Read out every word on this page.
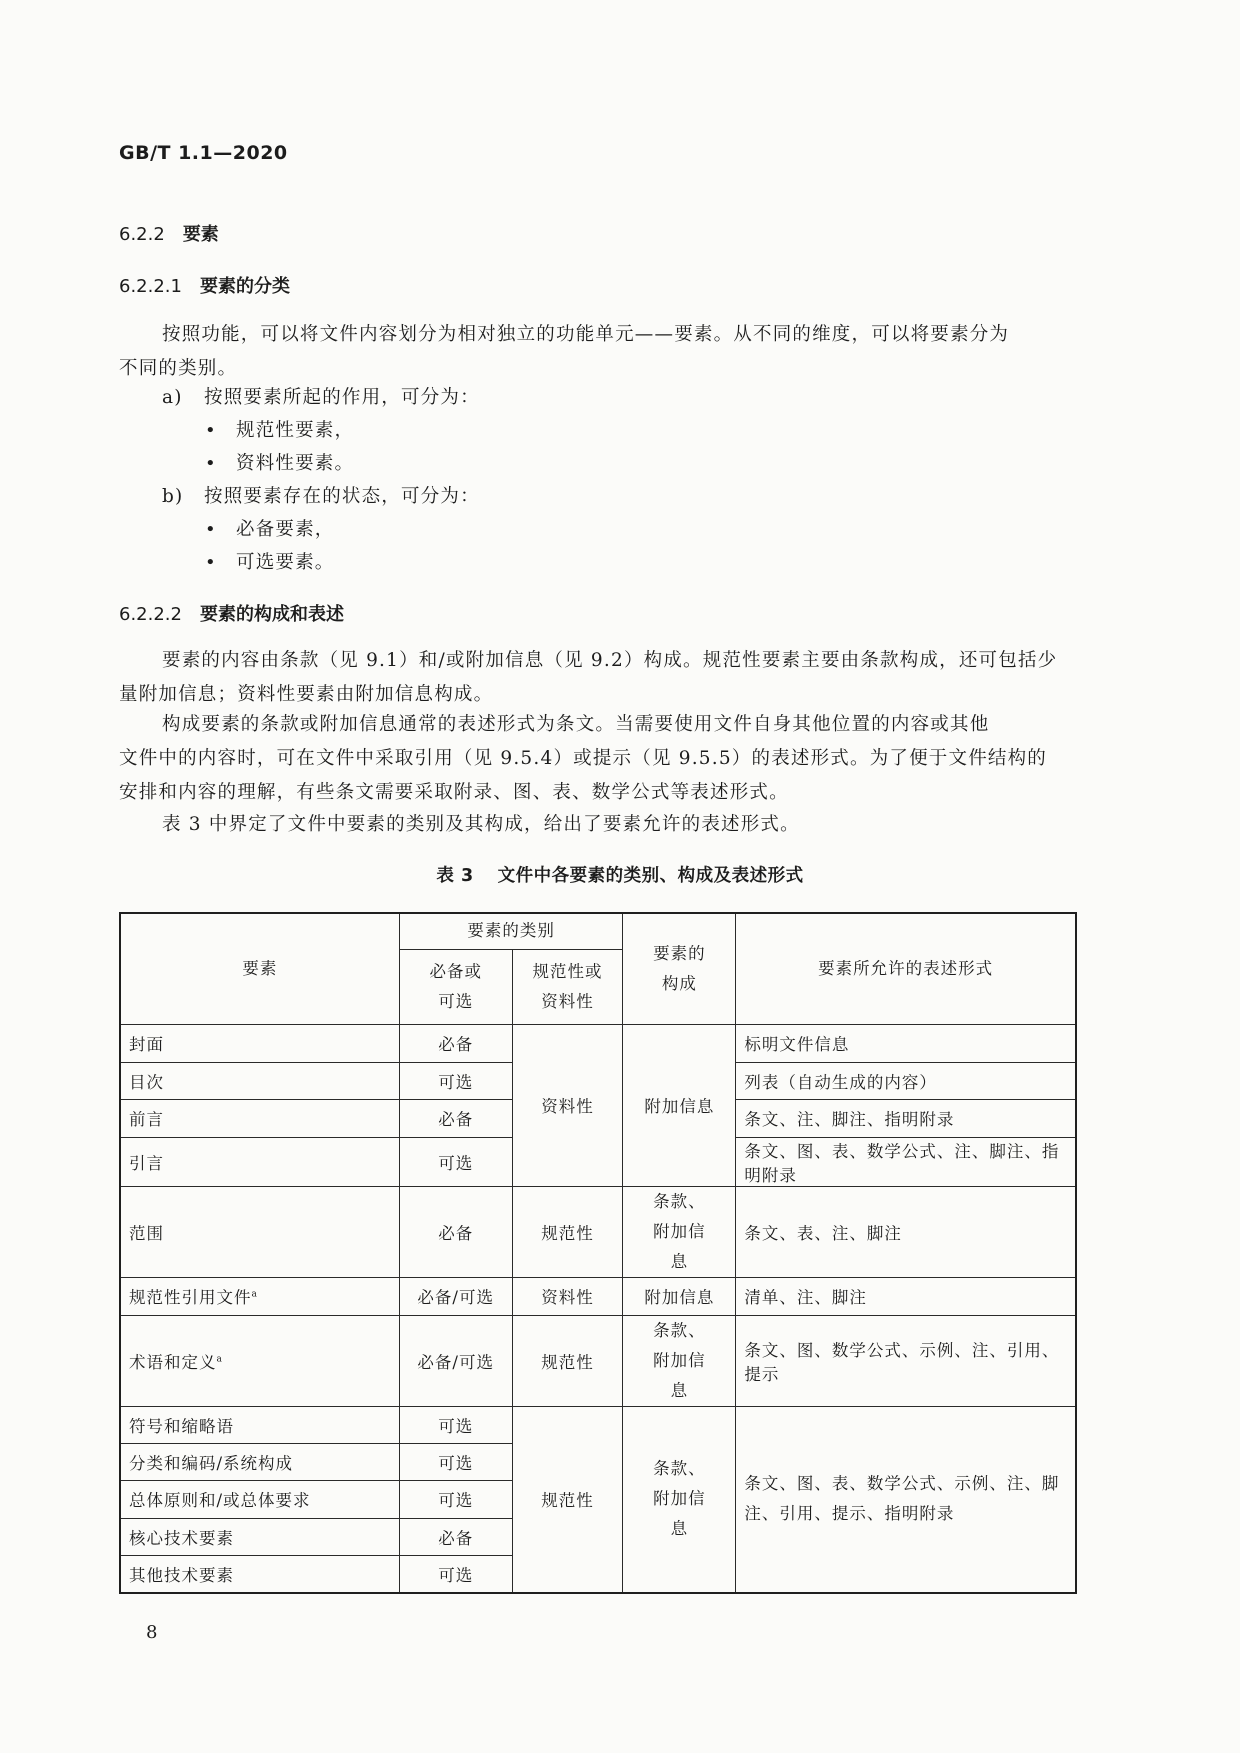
GB/T 1.1—2020
6.2.2 要素
6.2.2.1 要素的分类
按照功能，可以将文件内容划分为相对独立的功能单元——要素。从不同的维度，可以将要素分为
不同的类别。
a) 按照要素所起的作用，可分为：
• 规范性要素，
• 资料性要素。
b) 按照要素存在的状态，可分为：
• 必备要素，
• 可选要素。
6.2.2.2 要素的构成和表述
要素的内容由条款（见 9.1）和/或附加信息（见 9.2）构成。规范性要素主要由条款构成，还可包括少
量附加信息；资料性要素由附加信息构成。
构成要素的条款或附加信息通常的表述形式为条文。当需要使用文件自身其他位置的内容或其他
文件中的内容时，可在文件中采取引用（见 9.5.4）或提示（见 9.5.5）的表述形式。为了便于文件结构的
安排和内容的理解，有些条文需要采取附录、图、表、数学公式等表述形式。
表 3 中界定了文件中要素的类别及其构成，给出了要素允许的表述形式。
表 3 文件中各要素的类别、构成及表述形式
要素	要素的类别		要素的构成	要素所允许的表述形式
	必备或可选	规范性或资料性		
封面	必备	资料性	附加信息	标明文件信息
目次	可选			列表（自动生成的内容）
前言	必备			条文、注、脚注、指明附录
引言	可选			条文、图、表、数学公式、注、脚注、指明附录
范围	必备	规范性	条款、附加信息	条文、表、注、脚注
规范性引用文件$^a$	必备/可选	资料性	附加信息	清单、注、脚注
术语和定义$^a$	必备/可选	规范性	条款、附加信息	条文、图、数学公式、示例、注、引用、提示
符号和缩略语	可选	规范性	条款、附加信息	条文、图、表、数学公式、示例、注、脚注、引用、提示、指明附录
分类和编码/系统构成	可选			
总体原则和/或总体要求	可选			
核心技术要素	必备			
其他技术要素	可选			
8
